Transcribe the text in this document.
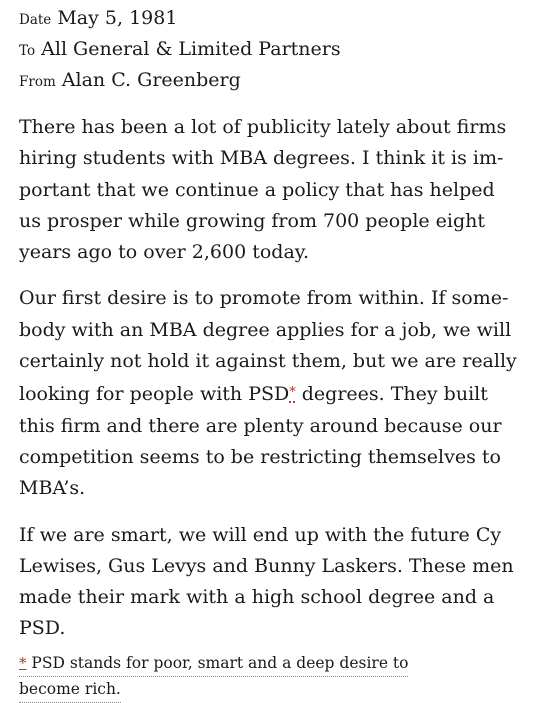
Date May 5, 1981
To All General & Limited Partners
From Alan C. Greenberg

There has been a lot of publicity lately about firms
hiring students with MBA degrees. I think it is im-
portant that we continue a policy that has helped
us prosper while growing from 700 people eight
years ago to over 2,600 today.

Our first desire is to promote from within. If some-
body with an MBA degree applies for a job, we will
certainly not hold it against them, but we are really
looking for people with PSD* degrees. They built
this firm and there are plenty around because our
competition seems to be restricting themselves to
MBA’s.

If we are smart, we will end up with the future Cy
Lewises, Gus Levys and Bunny Laskers. These men
made their mark with a high school degree and a
PSD.

* PSD stands for poor, smart and a deep desire to
become rich.
